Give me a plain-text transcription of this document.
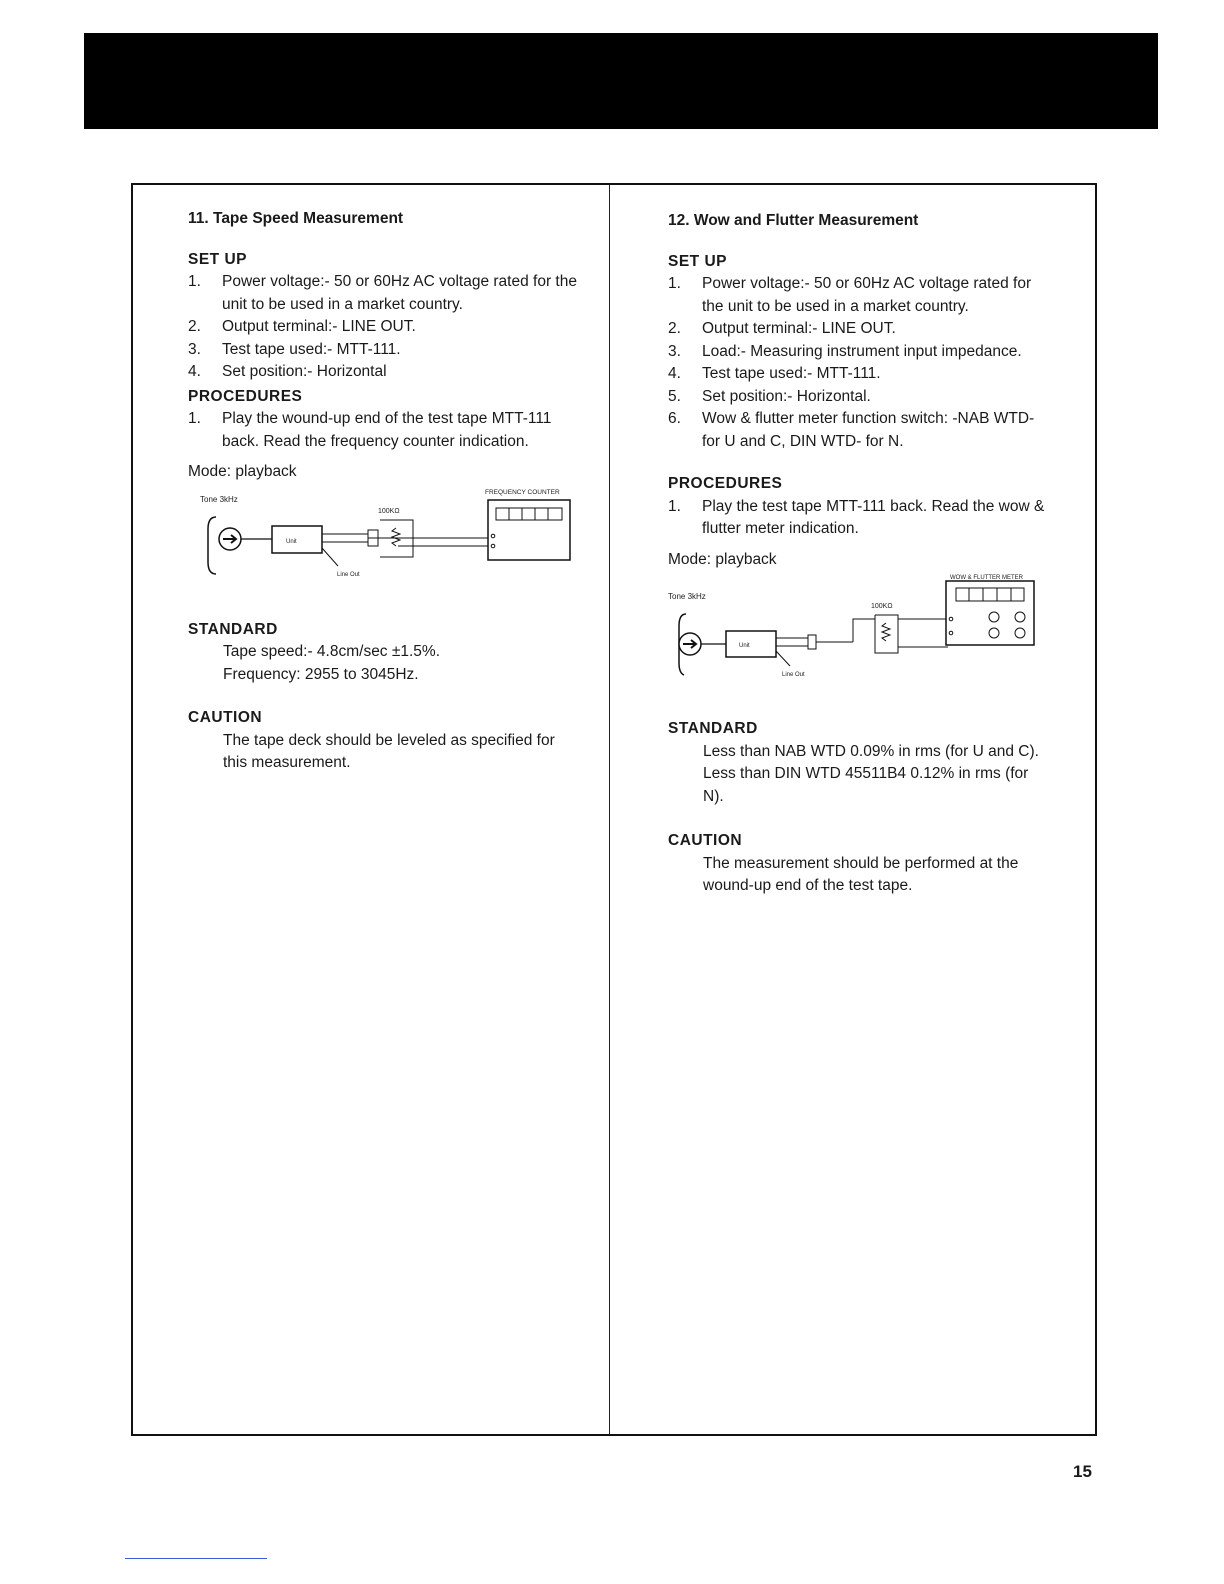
11. Tape Speed Measurement
SET UP
1. Power voltage:- 50 or 60Hz AC voltage rated for the unit to be used in a market country.
2. Output terminal:- LINE OUT.
3. Test tape used:- MTT-111.
4. Set position:- Horizontal
PROCEDURES
1. Play the wound-up end of the test tape MTT-111 back. Read the frequency counter indication.
Mode: playback
Tone 3kHz
FREQUENCY COUNTER
100KΩ
Line Out
Unit
STANDARD
Tape speed:- 4.8cm/sec ±1.5%.
Frequency: 2955 to 3045Hz.
CAUTION
The tape deck should be leveled as specified for this measurement.
12. Wow and Flutter Measurement
SET UP
1. Power voltage:- 50 or 60Hz AC voltage rated for the unit to be used in a market country.
2. Output terminal:- LINE OUT.
3. Load:- Measuring instrument input impedance.
4. Test tape used:- MTT-111.
5. Set position:- Horizontal.
6. Wow & flutter meter function switch: -NAB WTD- for U and C, DIN WTD- for N.
PROCEDURES
1. Play the test tape MTT-111 back. Read the wow & flutter meter indication.
Mode: playback
Tone 3kHz
WOW & FLUTTER METER
100KΩ
Line Out
Unit
STANDARD
Less than NAB WTD 0.09% in rms (for U and C).
Less than DIN WTD 45511B4 0.12% in rms (for N).
CAUTION
The measurement should be performed at the wound-up end of the test tape.
15
